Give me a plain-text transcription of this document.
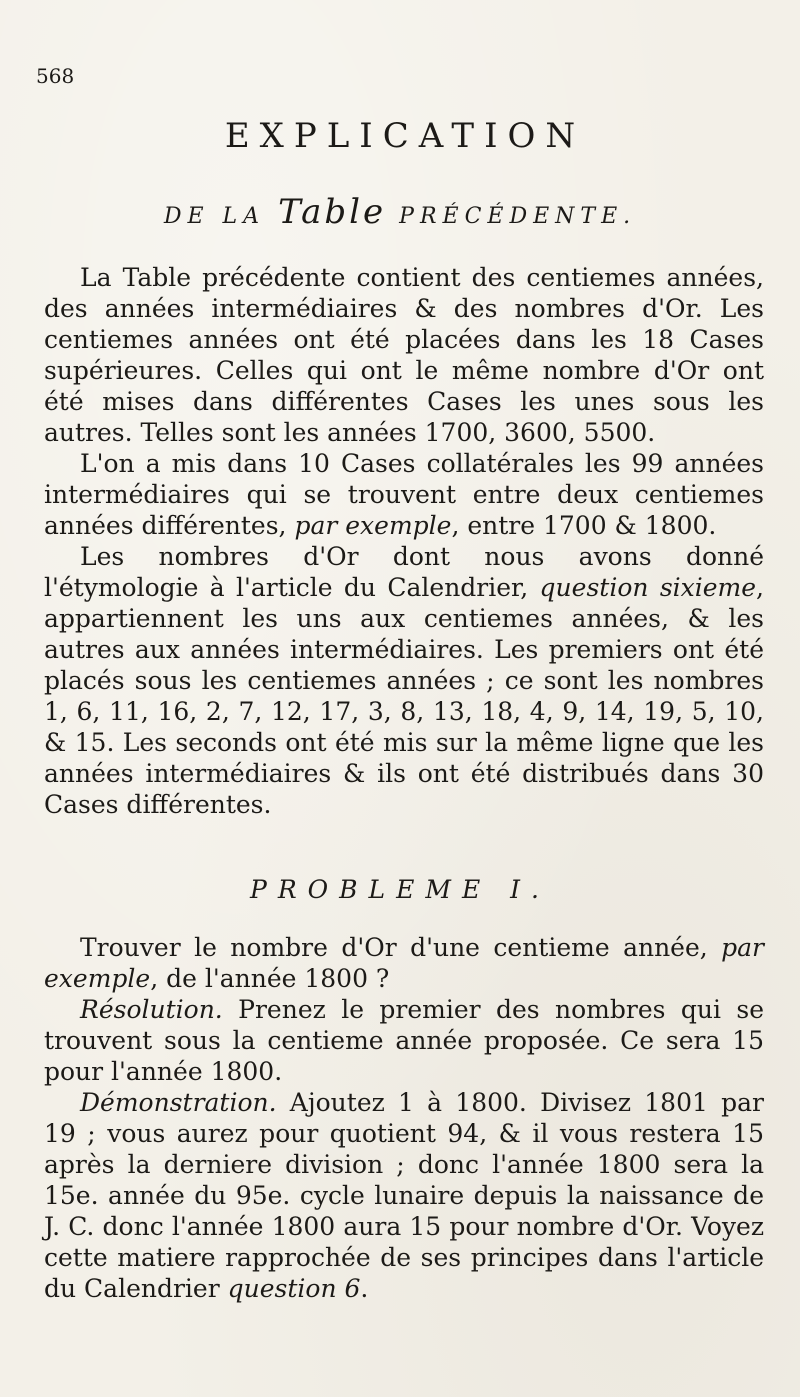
568
EXPLICATION
DE LA Table PRÉCÉDENTE.

La Table précédente contient des centiemes années, des années intermédiaires & des nombres d'Or. Les centiemes années ont été placées dans les 18 Cases supérieures. Celles qui ont le même nombre d'Or ont été mises dans différentes Cases les unes sous les autres. Telles sont les années 1700, 3600, 5500.

L'on a mis dans 10 Cases collatérales les 99 années intermédiaires qui se trouvent entre deux centiemes années différentes, par exemple, entre 1700 & 1800.

Les nombres d'Or dont nous avons donné l'étymologie à l'article du Calendrier, question sixieme, appartiennent les uns aux centiemes années, & les autres aux années intermédiaires. Les premiers ont été placés sous les centiemes années ; ce sont les nombres 1, 6, 11, 16, 2, 7, 12, 17, 3, 8, 13, 18, 4, 9, 14, 19, 5, 10, & 15. Les seconds ont été mis sur la même ligne que les années intermédiaires & ils ont été distribués dans 30 Cases différentes.

PROBLEME I.

Trouver le nombre d'Or d'une centieme année, par exemple, de l'année 1800 ?

Résolution. Prenez le premier des nombres qui se trouvent sous la centieme année proposée. Ce sera 15 pour l'année 1800.

Démonstration. Ajoutez 1 à 1800. Divisez 1801 par 19 ; vous aurez pour quotient 94, & il vous restera 15 après la derniere division ; donc l'année 1800 sera la 15e. année du 95e. cycle lunaire depuis la naissance de J. C. donc l'année 1800 aura 15 pour nombre d'Or. Voyez cette matiere rapprochée de ses principes dans l'article du Calendrier question 6.
